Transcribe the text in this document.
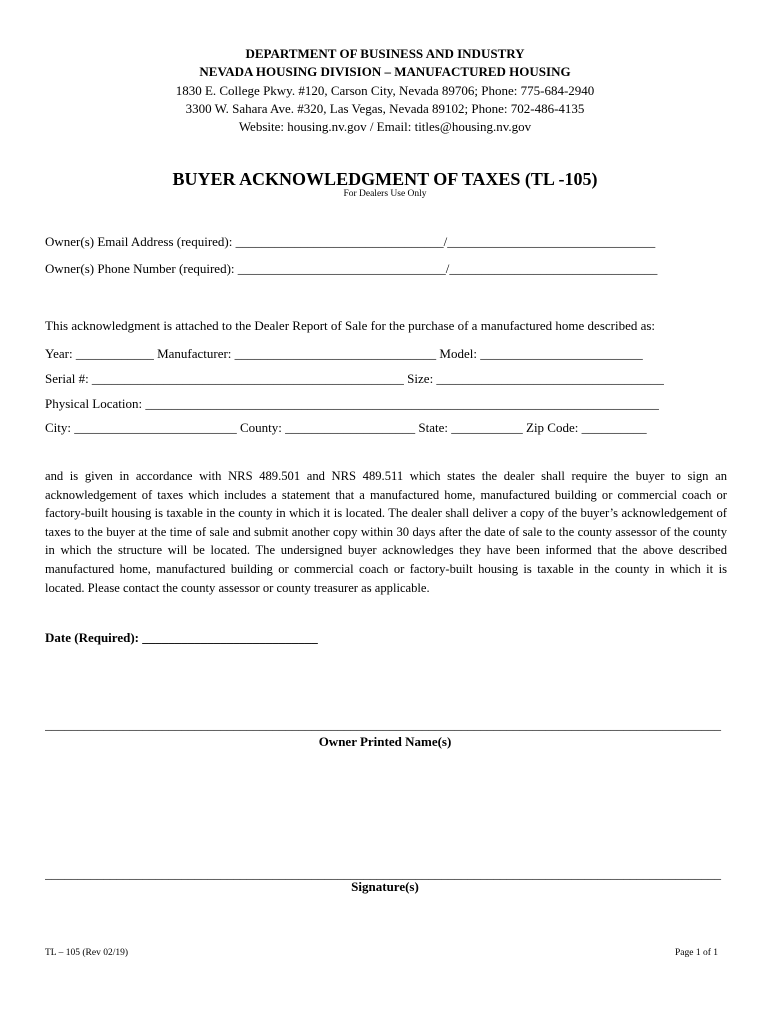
DEPARTMENT OF BUSINESS AND INDUSTRY
NEVADA HOUSING DIVISION – MANUFACTURED HOUSING
1830 E. College Pkwy. #120, Carson City, Nevada 89706; Phone: 775-684-2940
3300 W. Sahara Ave. #320, Las Vegas, Nevada 89102; Phone: 702-486-4135
Website: housing.nv.gov / Email: titles@housing.nv.gov
BUYER ACKNOWLEDGMENT OF TAXES (TL -105)
For Dealers Use Only
Owner(s) Email Address (required): ________________________________/________________________________
Owner(s) Phone Number (required): ________________________________/________________________________
This acknowledgment is attached to the Dealer Report of Sale for the purchase of a manufactured home described as:
Year: ____________ Manufacturer: _______________________________ Model: _________________________
Serial #: ________________________________________________ Size: ___________________________________
Physical Location: _______________________________________________________________________________
City: _________________________ County: ____________________ State: ___________ Zip Code: __________
and is given in accordance with NRS 489.501 and NRS 489.511 which states the dealer shall require the buyer to sign an acknowledgement of taxes which includes a statement that a manufactured home, manufactured building or commercial coach or factory-built housing is taxable in the county in which it is located. The dealer shall deliver a copy of the buyer’s acknowledgement of taxes to the buyer at the time of sale and submit another copy within 30 days after the date of sale to the county assessor of the county in which the structure will be located. The undersigned buyer acknowledges they have been informed that the above described manufactured home, manufactured building or commercial coach or factory-built housing is taxable in the county in which it is located. Please contact the county assessor or county treasurer as applicable.
Date (Required): ___________________________
________________________________________________________________________________________________________
Owner Printed Name(s)
________________________________________________________________________________________________________
Signature(s)
TL – 105 (Rev 02/19)	Page 1 of 1
